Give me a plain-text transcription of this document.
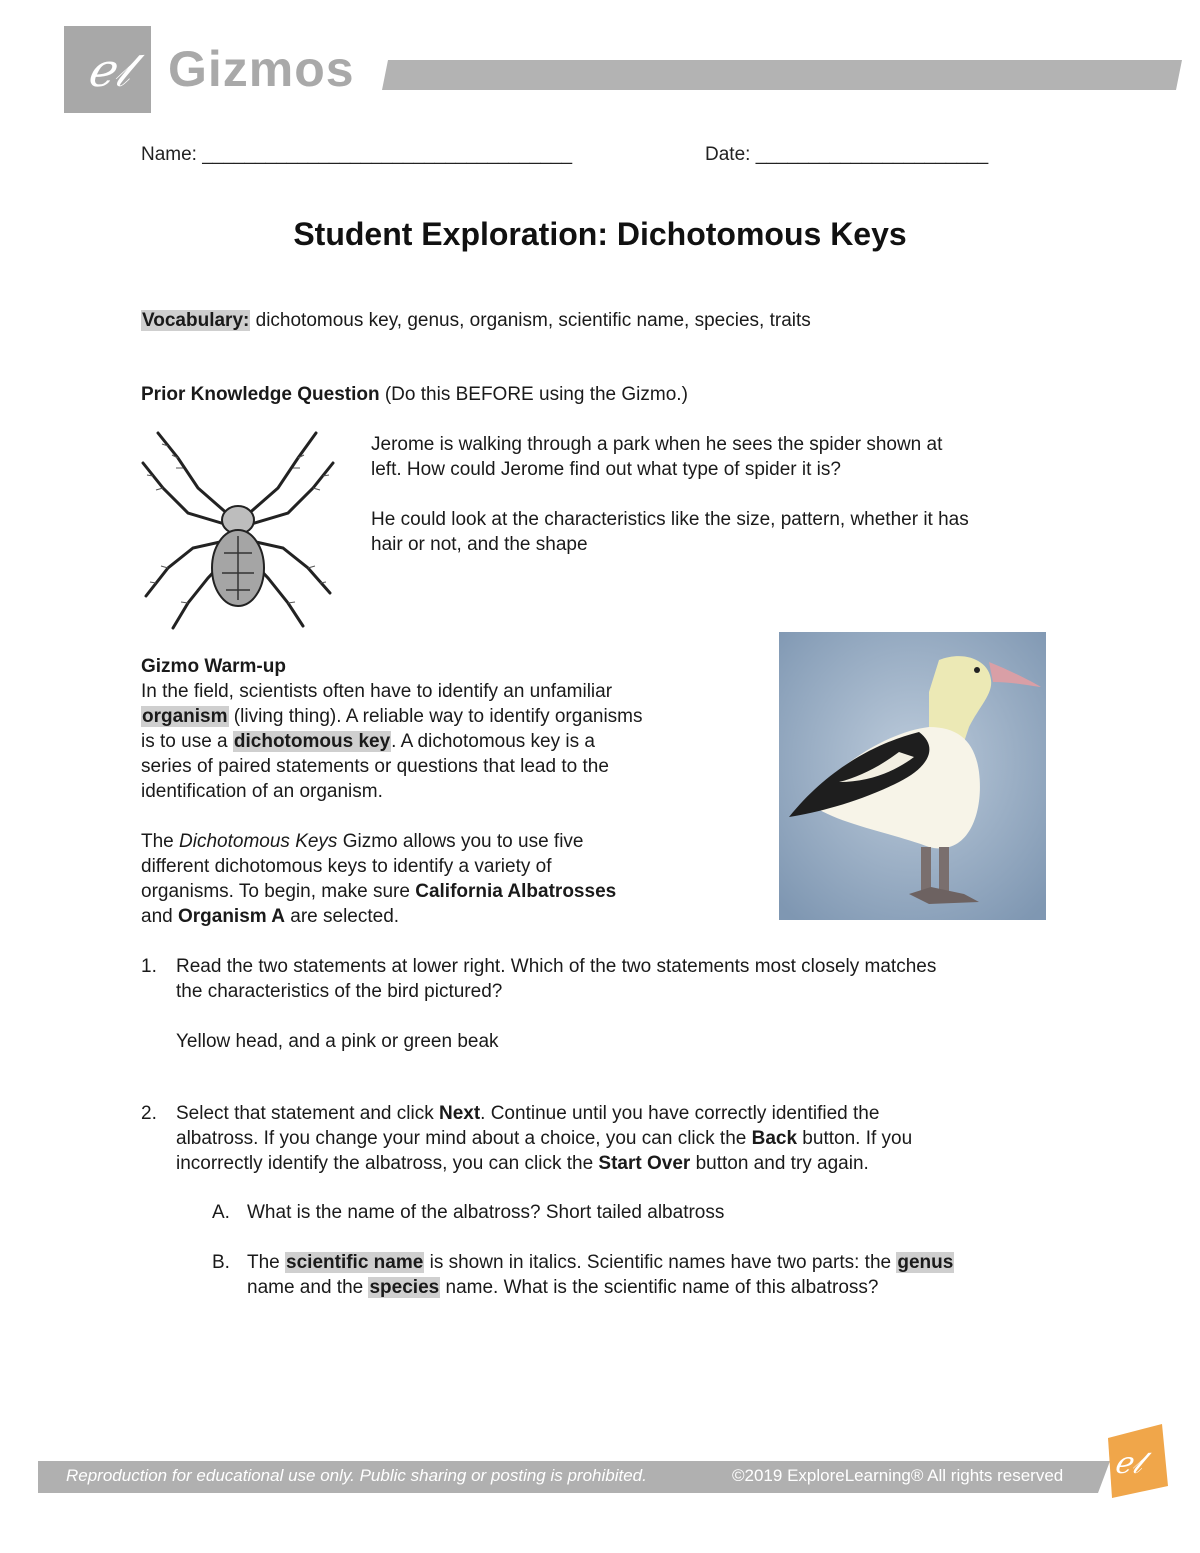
ℯ𝓁 Gizmos
Name: ___________________________________	Date: ______________________
Student Exploration: Dichotomous Keys
Vocabulary: dichotomous key, genus, organism, scientific name, species, traits
Prior Knowledge Question (Do this BEFORE using the Gizmo.)
Jerome is walking through a park when he sees the spider shown at
left. How could Jerome find out what type of spider it is?
He could look at the characteristics like the size, pattern, whether it has
hair or not, and the shape
Gizmo Warm-up
In the field, scientists often have to identify an unfamiliar
organism (living thing). A reliable way to identify organisms
is to use a dichotomous key. A dichotomous key is a
series of paired statements or questions that lead to the
identification of an organism.
The Dichotomous Keys Gizmo allows you to use five
different dichotomous keys to identify a variety of
organisms. To begin, make sure California Albatrosses
and Organism A are selected.
1. Read the two statements at lower right. Which of the two statements most closely matches
the characteristics of the bird pictured?
Yellow head, and a pink or green beak
2. Select that statement and click Next. Continue until you have correctly identified the
albatross. If you change your mind about a choice, you can click the Back button. If you
incorrectly identify the albatross, you can click the Start Over button and try again.
A. What is the name of the albatross? Short tailed albatross
B. The scientific name is shown in italics. Scientific names have two parts: the genus
name and the species name. What is the scientific name of this albatross?
Reproduction for educational use only. Public sharing or posting is prohibited.	©2019 ExploreLearning® All rights reserved ℯ𝓁
